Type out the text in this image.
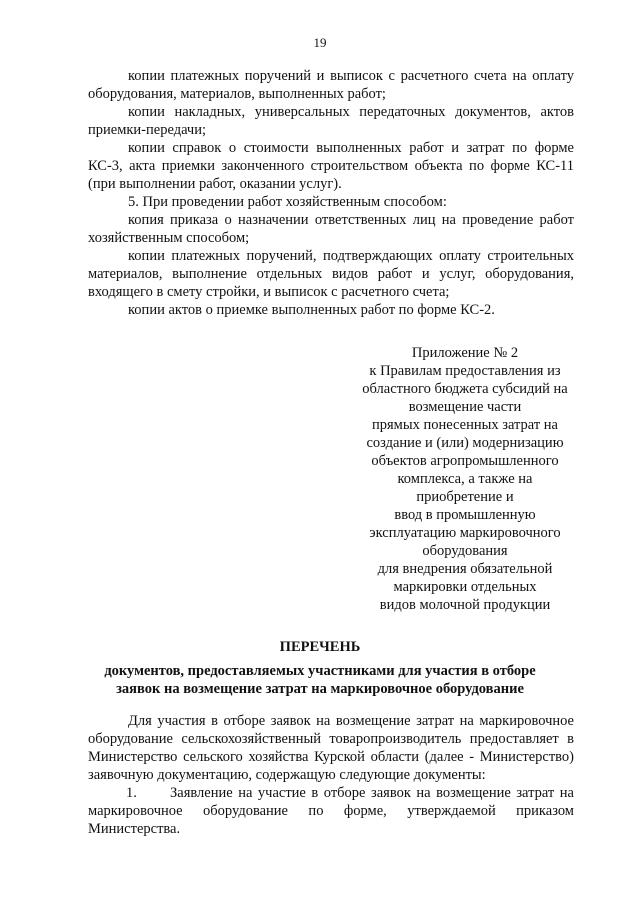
19

копии платежных поручений и выписок с расчетного счета на оплату оборудования, материалов, выполненных работ;

копии накладных, универсальных передаточных документов, актов приемки-передачи;

копии справок о стоимости выполненных работ и затрат по форме КС-3, акта приемки законченного строительством объекта по форме КС-11 (при выполнении работ, оказании услуг).

5. При проведении работ хозяйственным способом:

копия приказа о назначении ответственных лиц на проведение работ хозяйственным способом;

копии платежных поручений, подтверждающих оплату строительных материалов, выполнение отдельных видов работ и услуг, оборудования, входящего в смету стройки, и выписок с расчетного счета;

копии актов о приемке выполненных работ по форме КС-2.

Приложение № 2
к Правилам предоставления из
областного бюджета субсидий на
возмещение части
прямых понесенных затрат на
создание и (или) модернизацию
объектов агропромышленного
комплекса, а также на
приобретение и
ввод в промышленную
эксплуатацию маркировочного
оборудования
для внедрения обязательной
маркировки отдельных
видов молочной продукции
ПЕРЕЧЕНЬ
документов, предоставляемых участниками для участия в отборе
заявок на возмещение затрат на маркировочное оборудование

Для участия в отборе заявок на возмещение затрат на маркировочное оборудование сельскохозяйственный товаропроизводитель предоставляет в Министерство сельского хозяйства Курской области (далее - Министерство) заявочную документацию, содержащую следующие документы:

1.      Заявление на участие в отборе заявок на возмещение затрат на маркировочное оборудование по форме, утверждаемой приказом Министерства.
